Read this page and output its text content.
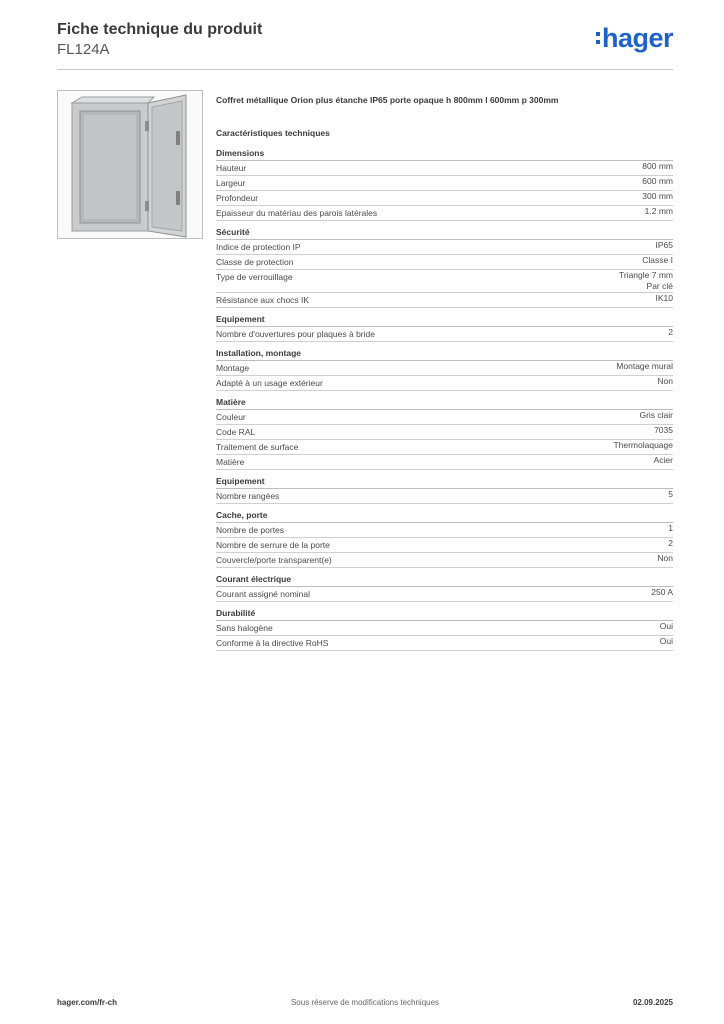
Fiche technique du produit
FL124A	hager
Coffret métallique Orion plus étanche IP65 porte opaque h 800mm l 600mm p 300mm
Caractéristiques techniques
Dimensions
Hauteur	800 mm
Largeur	600 mm
Profondeur	300 mm
Epaisseur du matériau des parois latérales	1.2 mm
Sécurité
Indice de protection IP	IP65
Classe de protection	Classe I
Type de verrouillage	Triangle 7 mm
Par clé
Résistance aux chocs IK	IK10
Equipement
Nombre d'ouvertures pour plaques à bride	2
Installation, montage
Montage	Montage mural
Adapté à un usage extérieur	Non
Matière
Couleur	Gris clair
Code RAL	7035
Traitement de surface	Thermolaquage
Matière	Acier
Equipement
Nombre rangées	5
Cache, porte
Nombre de portes	1
Nombre de serrure de la porte	2
Couvercle/porte transparent(e)	Non
Courant électrique
Courant assigné nominal	250 A
Durabilité
Sans halogène	Oui
Conforme à la directive RoHS	Oui
hager.com/fr-ch	Sous réserve de modifications techniques	02.09.2025
